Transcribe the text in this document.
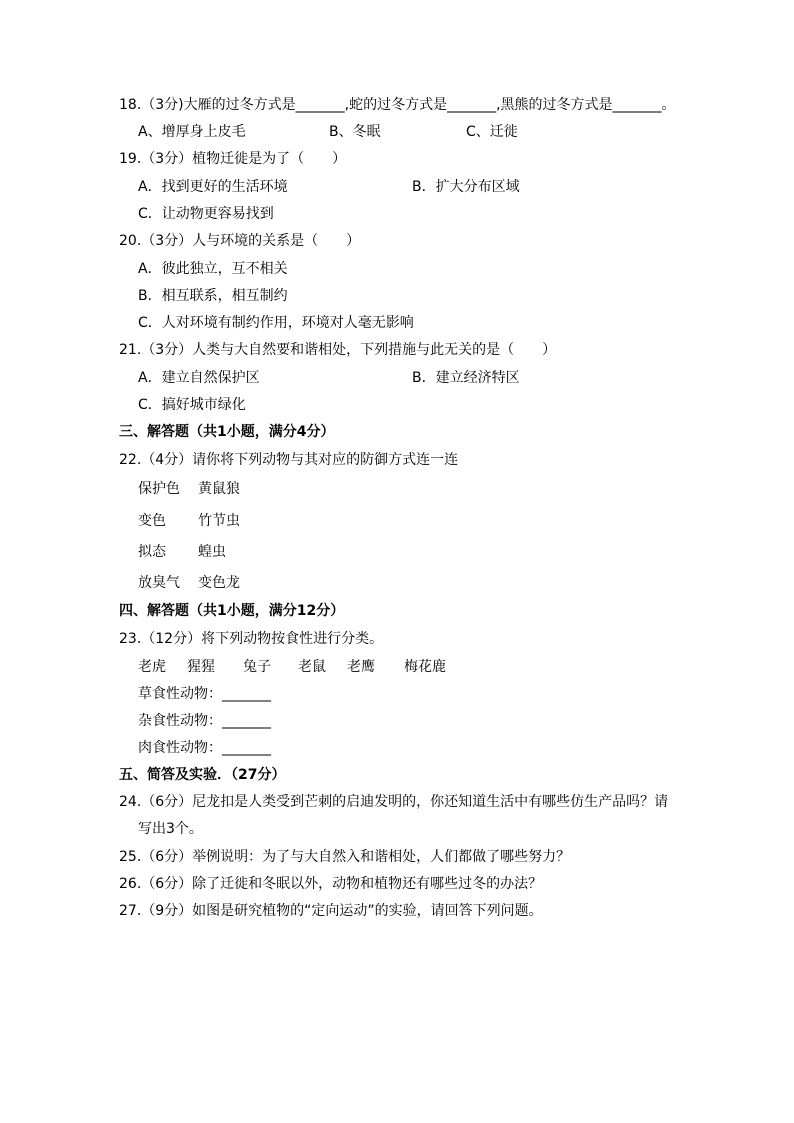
18.（3分)大雁的过冬方式是_______,蛇的过冬方式是_______,黑熊的过冬方式是_______。
A、增厚身上皮毛	B、冬眠	C、迁徙
19.（3分）植物迁徙是为了（　　）
A．找到更好的生活环境	B．扩大分布区域
C．让动物更容易找到
20.（3分）人与环境的关系是（　　）
A．彼此独立，互不相关
B．相互联系，相互制约
C．人对环境有制约作用，环境对人毫无影响
21.（3分）人类与大自然要和谐相处，下列措施与此无关的是（　　）
A．建立自然保护区	B．建立经济特区
C．搞好城市绿化
三、解答题（共1小题，满分4分）
22.（4分）请你将下列动物与其对应的防御方式连一连
保护色 黄鼠狼
变色 竹节虫
拟态 蝗虫
放臭气 变色龙
四、解答题（共1小题，满分12分）
23.（12分）将下列动物按食性进行分类。
老虎 猩猩 兔子 老鼠 老鹰 梅花鹿
草食性动物：_______
杂食性动物：_______
肉食性动物：_______
五、简答及实验．（27分）
24.（6分）尼龙扣是人类受到芒刺的启迪发明的，你还知道生活中有哪些仿生产品吗？请
写出3个。
25.（6分）举例说明：为了与大自然入和谐相处，人们都做了哪些努力？
26.（6分）除了迁徙和冬眠以外，动物和植物还有哪些过冬的办法？
27.（9分）如图是研究植物的“定向运动”的实验，请回答下列问题。
